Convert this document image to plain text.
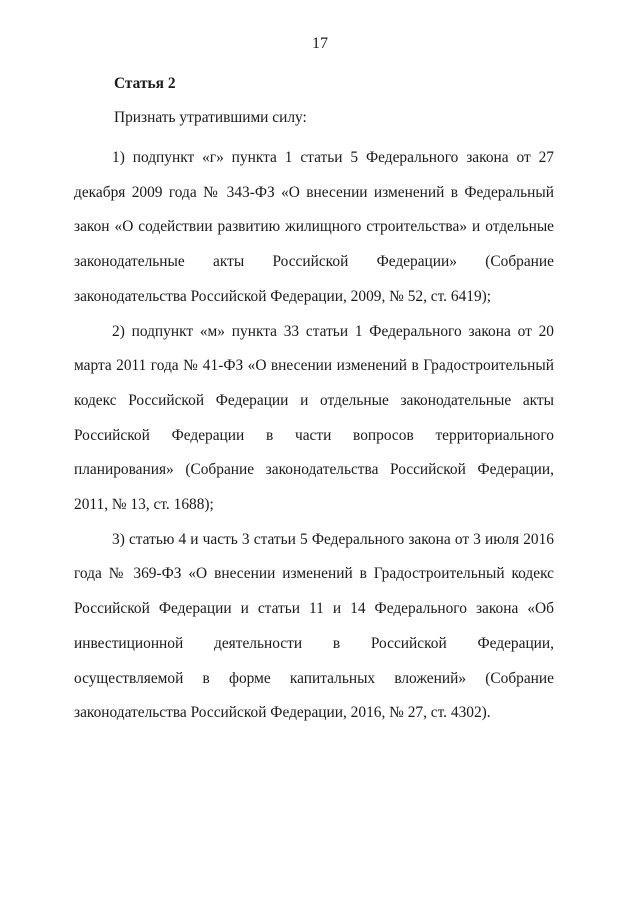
17

Статья 2

Признать утратившими силу:

1) подпункт «г» пункта 1 статьи 5 Федерального закона от 27 декабря 2009 года № 343-ФЗ «О внесении изменений в Федеральный закон «О содействии развитию жилищного строительства» и отдельные законодательные акты Российской Федерации» (Собрание законодательства Российской Федерации, 2009, № 52, ст. 6419);

2) подпункт «м» пункта 33 статьи 1 Федерального закона от 20 марта 2011 года № 41-ФЗ «О внесении изменений в Градостроительный кодекс Российской Федерации и отдельные законодательные акты Российской Федерации в части вопросов территориального планирования» (Собрание законодательства Российской Федерации, 2011, № 13, ст. 1688);

3) статью 4 и часть 3 статьи 5 Федерального закона от 3 июля 2016 года № 369-ФЗ «О внесении изменений в Градостроительный кодекс Российской Федерации и статьи 11 и 14 Федерального закона «Об инвестиционной деятельности в Российской Федерации, осуществляемой в форме капитальных вложений» (Собрание законодательства Российской Федерации, 2016, № 27, ст. 4302).
